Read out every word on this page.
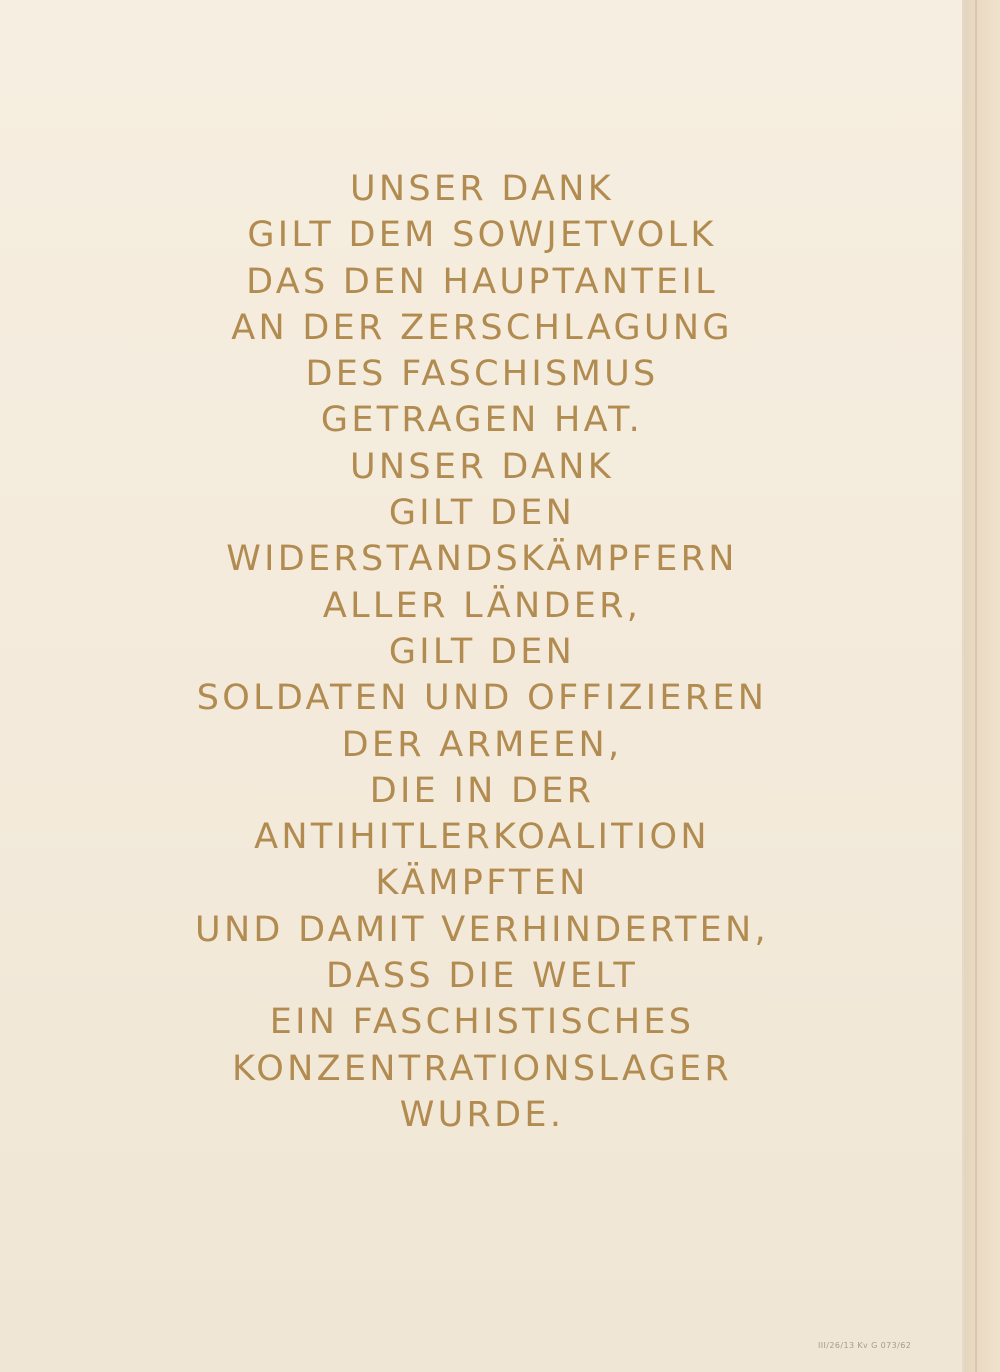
UNSER DANK
GILT DEM SOWJETVOLK
DAS DEN HAUPTANTEIL
AN DER ZERSCHLAGUNG
DES FASCHISMUS
GETRAGEN HAT.
UNSER DANK
GILT DEN
WIDERSTANDSKÄMPFERN
ALLER LÄNDER,
GILT DEN
SOLDATEN UND OFFIZIEREN
DER ARMEEN,
DIE IN DER
ANTIHITLERKOALITION
KÄMPFTEN
UND DAMIT VERHINDERTEN,
DASS DIE WELT
EIN FASCHISTISCHES
KONZENTRATIONSLAGER
WURDE.
III/26/13 Kv G 073/62
